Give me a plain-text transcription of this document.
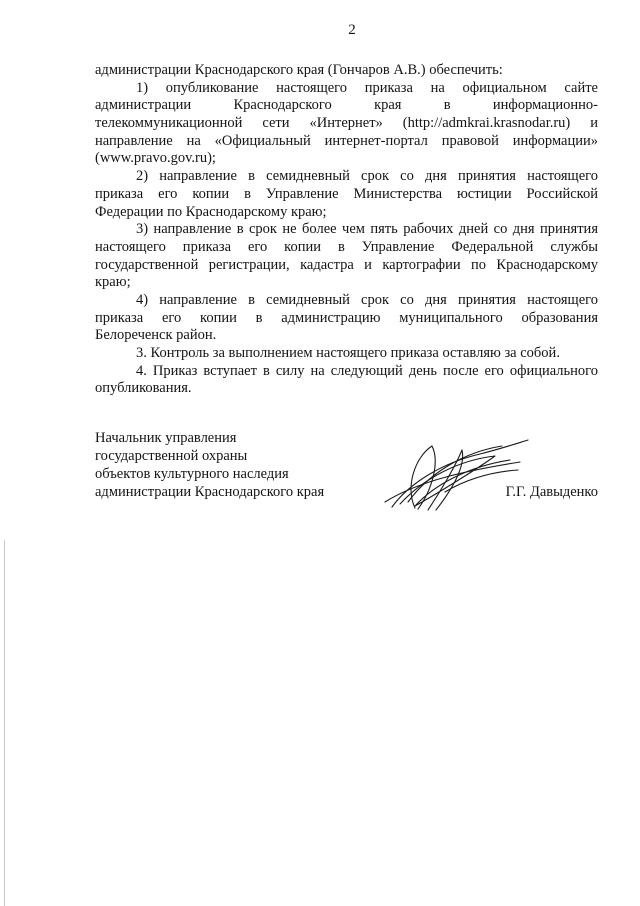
2
администрации Краснодарского края (Гончаров А.В.) обеспечить:
1) опубликование настоящего приказа на официальном сайте
администрации Краснодарского края в информационно-
телекоммуникационной сети «Интернет» (http://admkrai.krasnodar.ru) и
направление на «Официальный интернет-портал правовой информации»
(www.pravo.gov.ru);
2) направление в семидневный срок со дня принятия настоящего
приказа его копии в Управление Министерства юстиции Российской
Федерации по Краснодарскому краю;
3) направление в срок не более чем пять рабочих дней со дня принятия
настоящего приказа его копии в Управление Федеральной службы
государственной регистрации, кадастра и картографии по Краснодарскому
краю;
4) направление в семидневный срок со дня принятия настоящего
приказа его копии в администрацию муниципального образования
Белореченск район.
3. Контроль за выполнением настоящего приказа оставляю за собой.
4. Приказ вступает в силу на следующий день после его официального
опубликования.
Начальник управления
государственной охраны
объектов культурного наследия
администрации Краснодарского края	Г.Г. Давыденко
